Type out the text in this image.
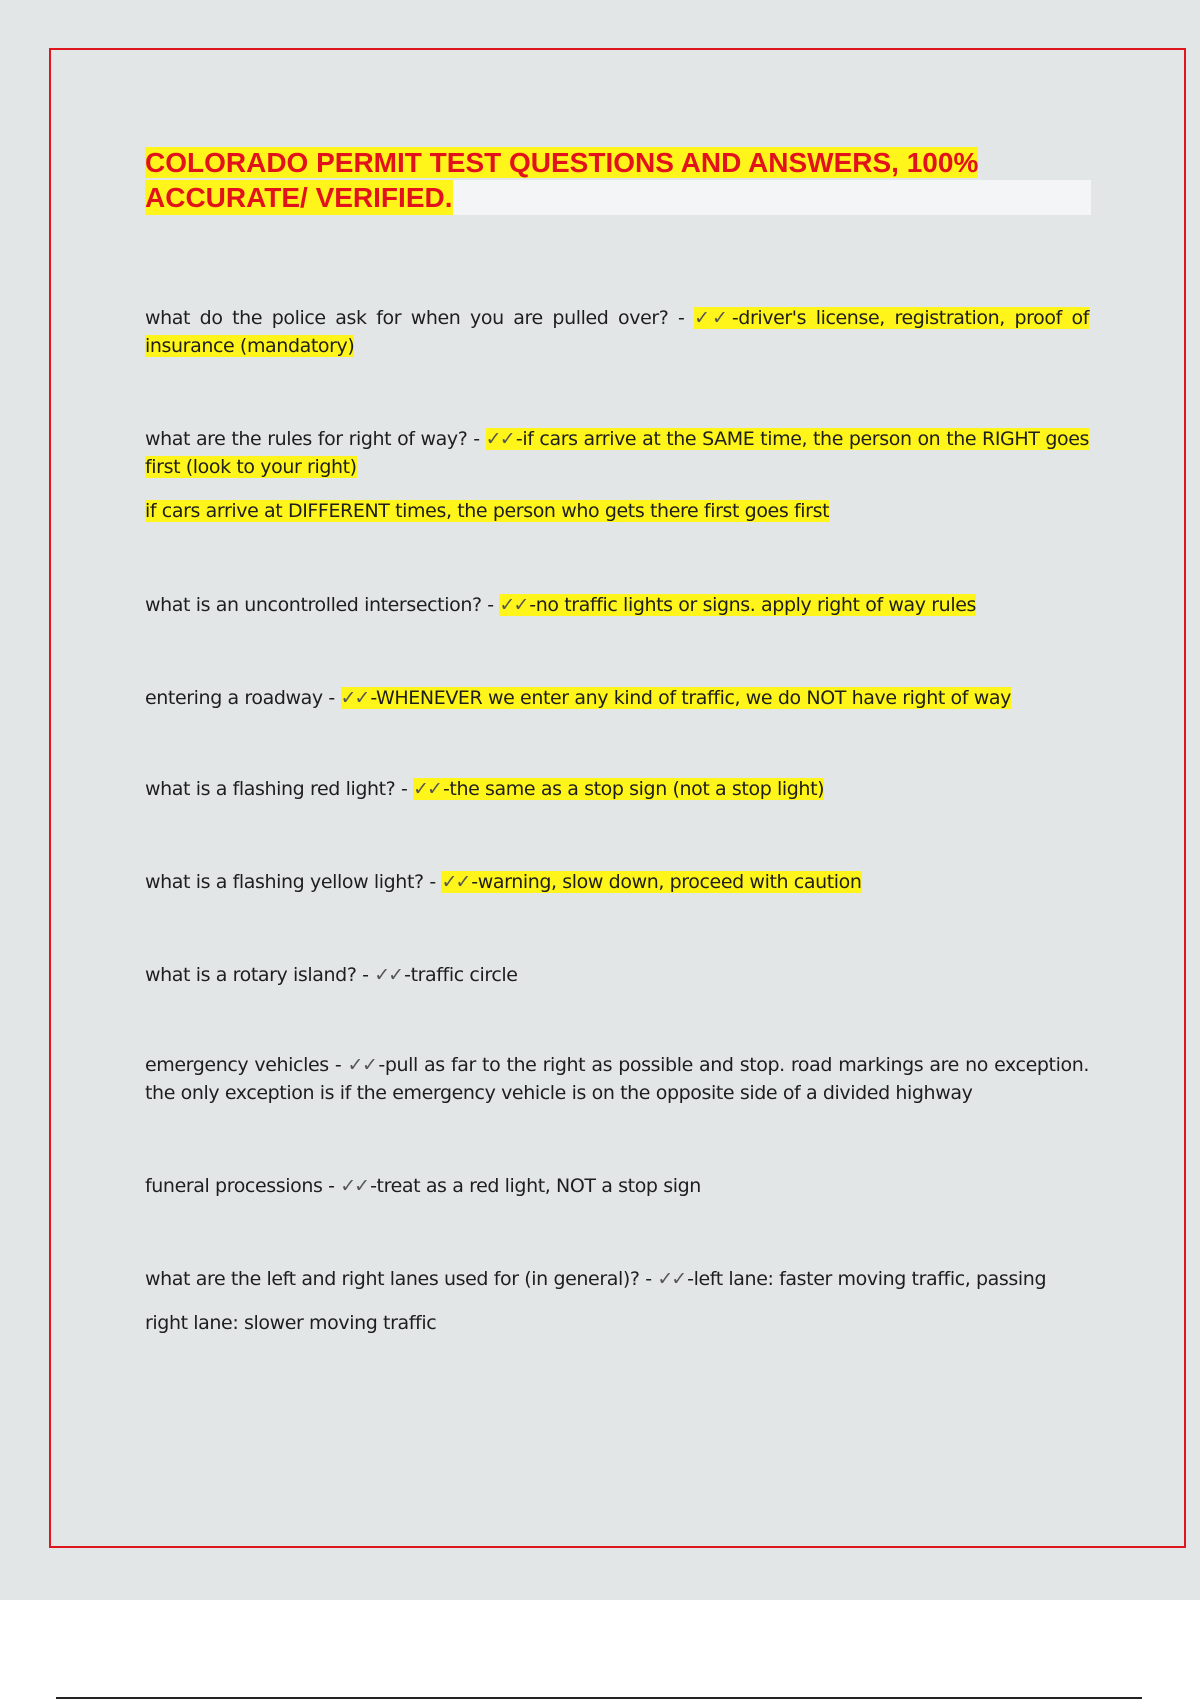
COLORADO PERMIT TEST QUESTIONS AND ANSWERS, 100%
ACCURATE/ VERIFIED.

what do the police ask for when you are pulled over? - ✓✓ -driver's license, registration, proof of insurance (mandatory)

what are the rules for right of way? - ✓✓ -if cars arrive at the SAME time, the person on the RIGHT goes first (look to your right)

if cars arrive at DIFFERENT times, the person who gets there first goes first

what is an uncontrolled intersection? - ✓✓ -no traffic lights or signs. apply right of way rules

entering a roadway - ✓✓ -WHENEVER we enter any kind of traffic, we do NOT have right of way

what is a flashing red light? - ✓✓ -the same as a stop sign (not a stop light)

what is a flashing yellow light? - ✓✓ -warning, slow down, proceed with caution

what is a rotary island? - ✓✓ -traffic circle

emergency vehicles - ✓✓ -pull as far to the right as possible and stop. road markings are no exception. the only exception is if the emergency vehicle is on the opposite side of a divided highway

funeral processions - ✓✓ -treat as a red light, NOT a stop sign

what are the left and right lanes used for (in general)? - ✓✓ -left lane: faster moving traffic, passing

right lane: slower moving traffic
